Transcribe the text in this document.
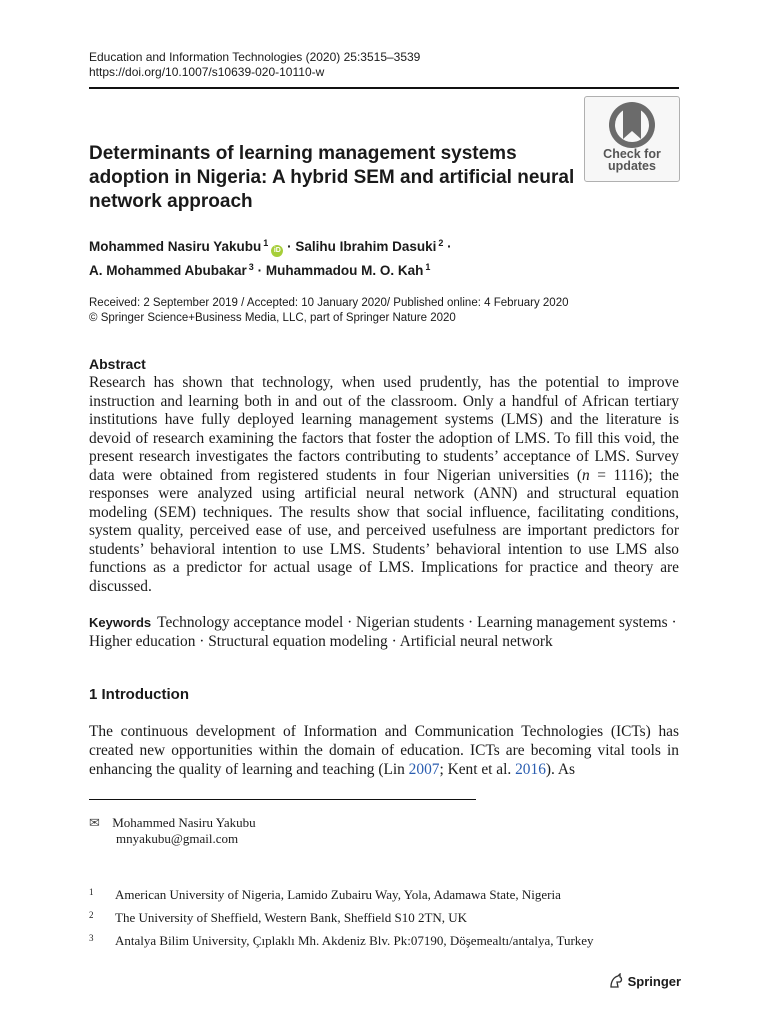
Education and Information Technologies (2020) 25:3515–3539
https://doi.org/10.1007/s10639-020-10110-w
Check for
updates
Determinants of learning management systems adoption in Nigeria: A hybrid SEM and artificial neural network approach
Mohammed Nasiru Yakubu $^1$iD · Salihu Ibrahim Dasuki $^2$ ·
A. Mohammed Abubakar $^3$ · Muhammadou M. O. Kah $^1$
Received: 2 September 2019 / Accepted: 10 January 2020/ Published online: 4 February 2020
© Springer Science+Business Media, LLC, part of Springer Nature 2020
Abstract
Research has shown that technology, when used prudently, has the potential to improve instruction and learning both in and out of the classroom. Only a handful of African tertiary institutions have fully deployed learning management systems (LMS) and the literature is devoid of research examining the factors that foster the adoption of LMS. To fill this void, the present research investigates the factors contributing to students’ acceptance of LMS. Survey data were obtained from registered students in four Nigerian universities (n = 1116); the responses were analyzed using artificial neural network (ANN) and structural equation modeling (SEM) techniques. The results show that social influence, facilitating conditions, system quality, perceived ease of use, and perceived usefulness are important predictors for students’ behavioral intention to use LMS. Students’ behavioral intention to use LMS also functions as a predictor for actual usage of LMS. Implications for practice and theory are discussed.
Keywords Technology acceptance model · Nigerian students · Learning management systems · Higher education · Structural equation modeling · Artificial neural network
1 Introduction
The continuous development of Information and Communication Technologies (ICTs) has created new opportunities within the domain of education. ICTs are becoming vital tools in enhancing the quality of learning and teaching (Lin 2007; Kent et al. 2016). As
✉ Mohammed Nasiru Yakubu
mnyakubu@gmail.com
$^1$ American University of Nigeria, Lamido Zubairu Way, Yola, Adamawa State, Nigeria
$^2$ The University of Sheffield, Western Bank, Sheffield S10 2TN, UK
$^3$ Antalya Bilim University, Çıplaklı Mh. Akdeniz Blv. Pk:07190, Döşemealtı/antalya, Turkey
Springer
